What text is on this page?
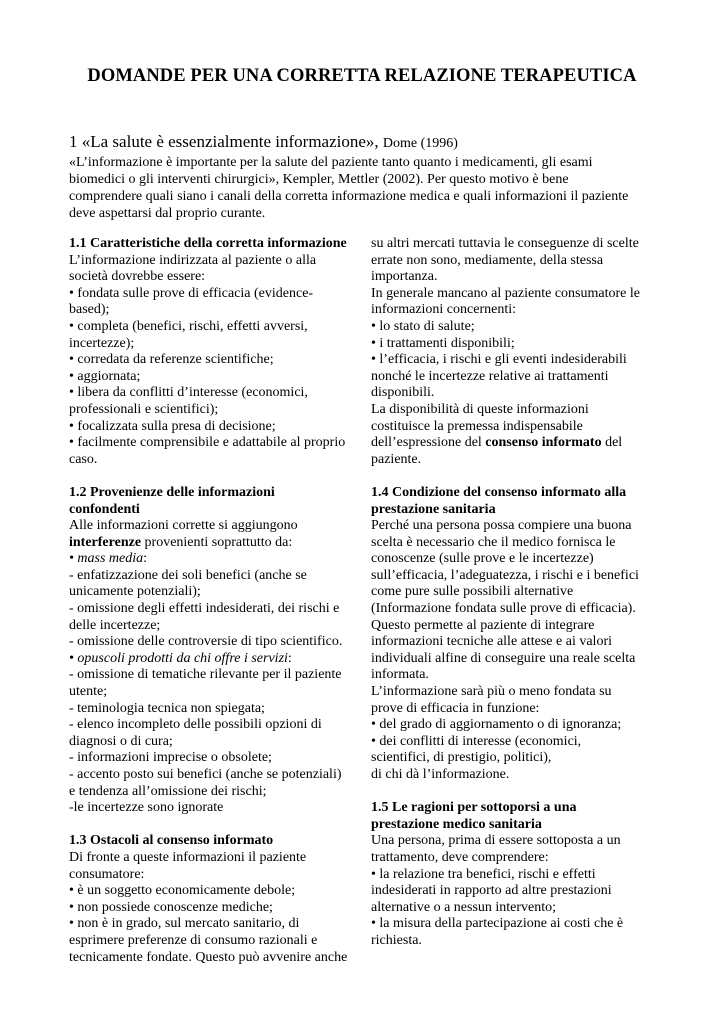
DOMANDE PER UNA CORRETTA RELAZIONE TERAPEUTICA
1 «La salute è essenzialmente informazione», Dome (1996)
«L’informazione è importante per la salute del paziente tanto quanto i medicamenti, gli esami
biomedici o gli interventi chirurgici», Kempler, Mettler (2002). Per questo motivo è bene
comprendere quali siano i canali della corretta informazione medica e quali informazioni il paziente
deve aspettarsi dal proprio curante.
1.1 Caratteristiche della corretta informazione
L’informazione indirizzata al paziente o alla
società dovrebbe essere:
• fondata sulle prove di efficacia (evidence-
based);
• completa (benefici, rischi, effetti avversi,
incertezze);
• corredata da referenze scientifiche;
• aggiornata;
• libera da conflitti d’interesse (economici,
professionali e scientifici);
• focalizzata sulla presa di decisione;
• facilmente comprensibile e adattabile al proprio
caso.
1.2 Provenienze delle informazioni
confondenti
Alle informazioni corrette si aggiungono
interferenze provenienti soprattutto da:
• mass media:
- enfatizzazione dei soli benefici (anche se
unicamente potenziali);
- omissione degli effetti indesiderati, dei rischi e
delle incertezze;
- omissione delle controversie di tipo scientifico.
• opuscoli prodotti da chi offre i servizi:
- omissione di tematiche rilevante per il paziente
utente;
- teminologia tecnica non spiegata;
- elenco incompleto delle possibili opzioni di
diagnosi o di cura;
- informazioni imprecise o obsolete;
- accento posto sui benefici (anche se potenziali)
e tendenza all’omissione dei rischi;
-le incertezze sono ignorate
1.3 Ostacoli al consenso informato
Di fronte a queste informazioni il paziente
consumatore:
• è un soggetto economicamente debole;
• non possiede conoscenze mediche;
• non è in grado, sul mercato sanitario, di
esprimere preferenze di consumo razionali e
tecnicamente fondate. Questo può avvenire anche
su altri mercati tuttavia le conseguenze di scelte
errate non sono, mediamente, della stessa
importanza.
In generale mancano al paziente consumatore le
informazioni concernenti:
• lo stato di salute;
• i trattamenti disponibili;
• l’efficacia, i rischi e gli eventi indesiderabili
nonché le incertezze relative ai trattamenti
disponibili.
La disponibilità di queste informazioni
costituisce la premessa indispensabile
dell’espressione del consenso informato del
paziente.
1.4 Condizione del consenso informato alla
prestazione sanitaria
Perché una persona possa compiere una buona
scelta è necessario che il medico fornisca le
conoscenze (sulle prove e le incertezze)
sull’efficacia, l’adeguatezza, i rischi e i benefici
come pure sulle possibili alternative
(Informazione fondata sulle prove di efficacia).
Questo permette al paziente di integrare
informazioni tecniche alle attese e ai valori
individuali alfine di conseguire una reale scelta
informata.
L’informazione sarà più o meno fondata su
prove di efficacia in funzione:
• del grado di aggiornamento o di ignoranza;
• dei conflitti di interesse (economici,
scientifici, di prestigio, politici),
di chi dà l’informazione.
1.5 Le ragioni per sottoporsi a una
prestazione medico sanitaria
Una persona, prima di essere sottoposta a un
trattamento, deve comprendere:
• la relazione tra benefici, rischi e effetti
indesiderati in rapporto ad altre prestazioni
alternative o a nessun intervento;
• la misura della partecipazione ai costi che è
richiesta.
